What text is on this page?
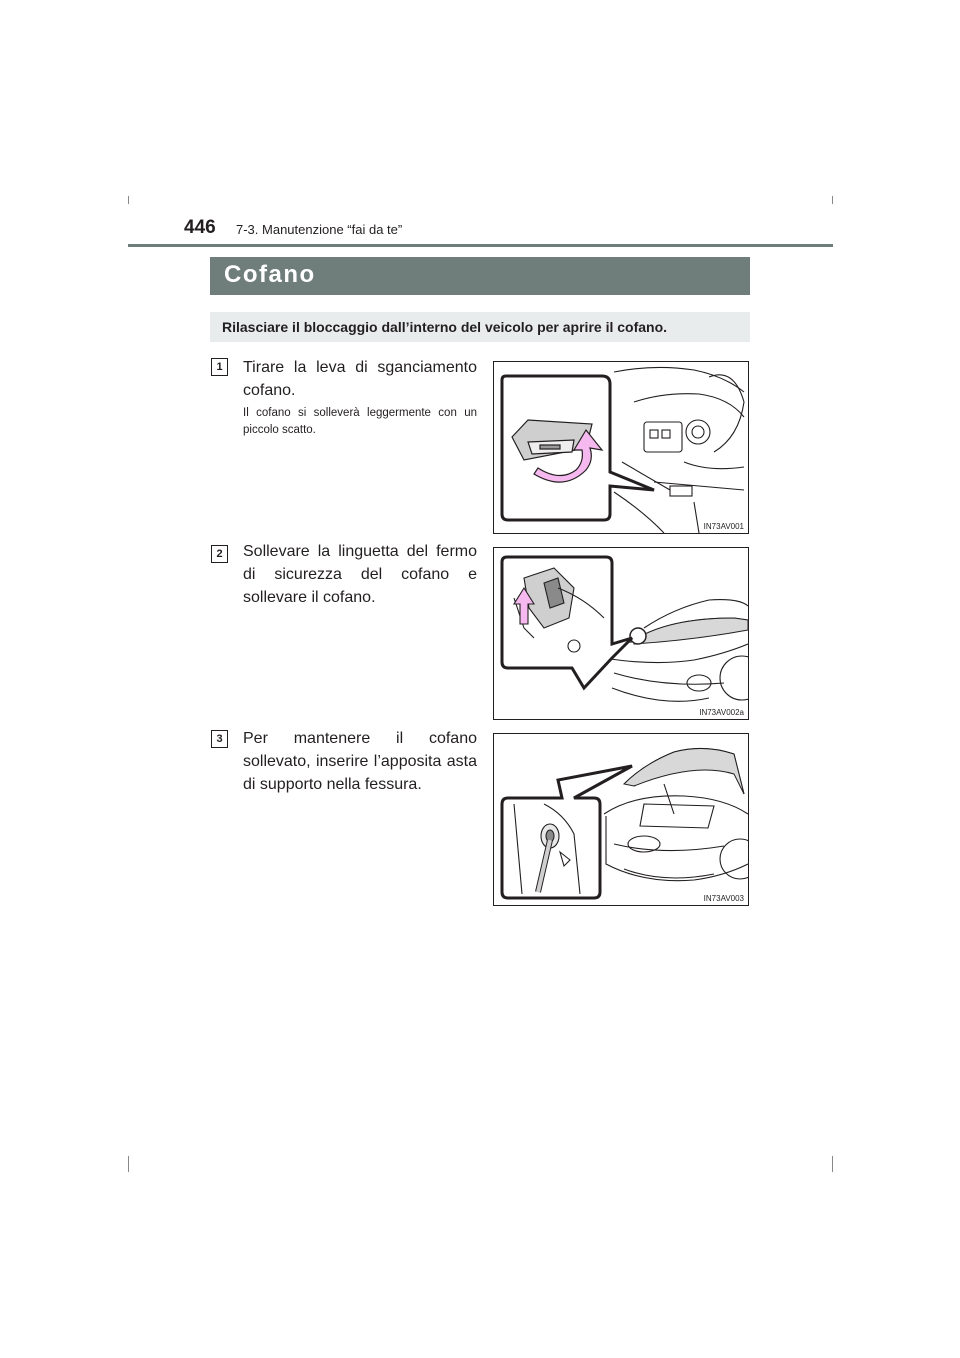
446 7-3. Manutenzione “fai da te”
Cofano
Rilasciare il bloccaggio dall’interno del veicolo per aprire il cofano.
1	Tirare la leva di sganciamento cofano.
Il cofano si solleverà leggermente con un piccolo scatto.
IN73AV001
2	Sollevare la linguetta del fermo di sicurezza del cofano e sollevare il cofano.
IN73AV002a
3	Per mantenere il cofano sollevato, inserire l’apposita asta di supporto nella fessura.
IN73AV003
